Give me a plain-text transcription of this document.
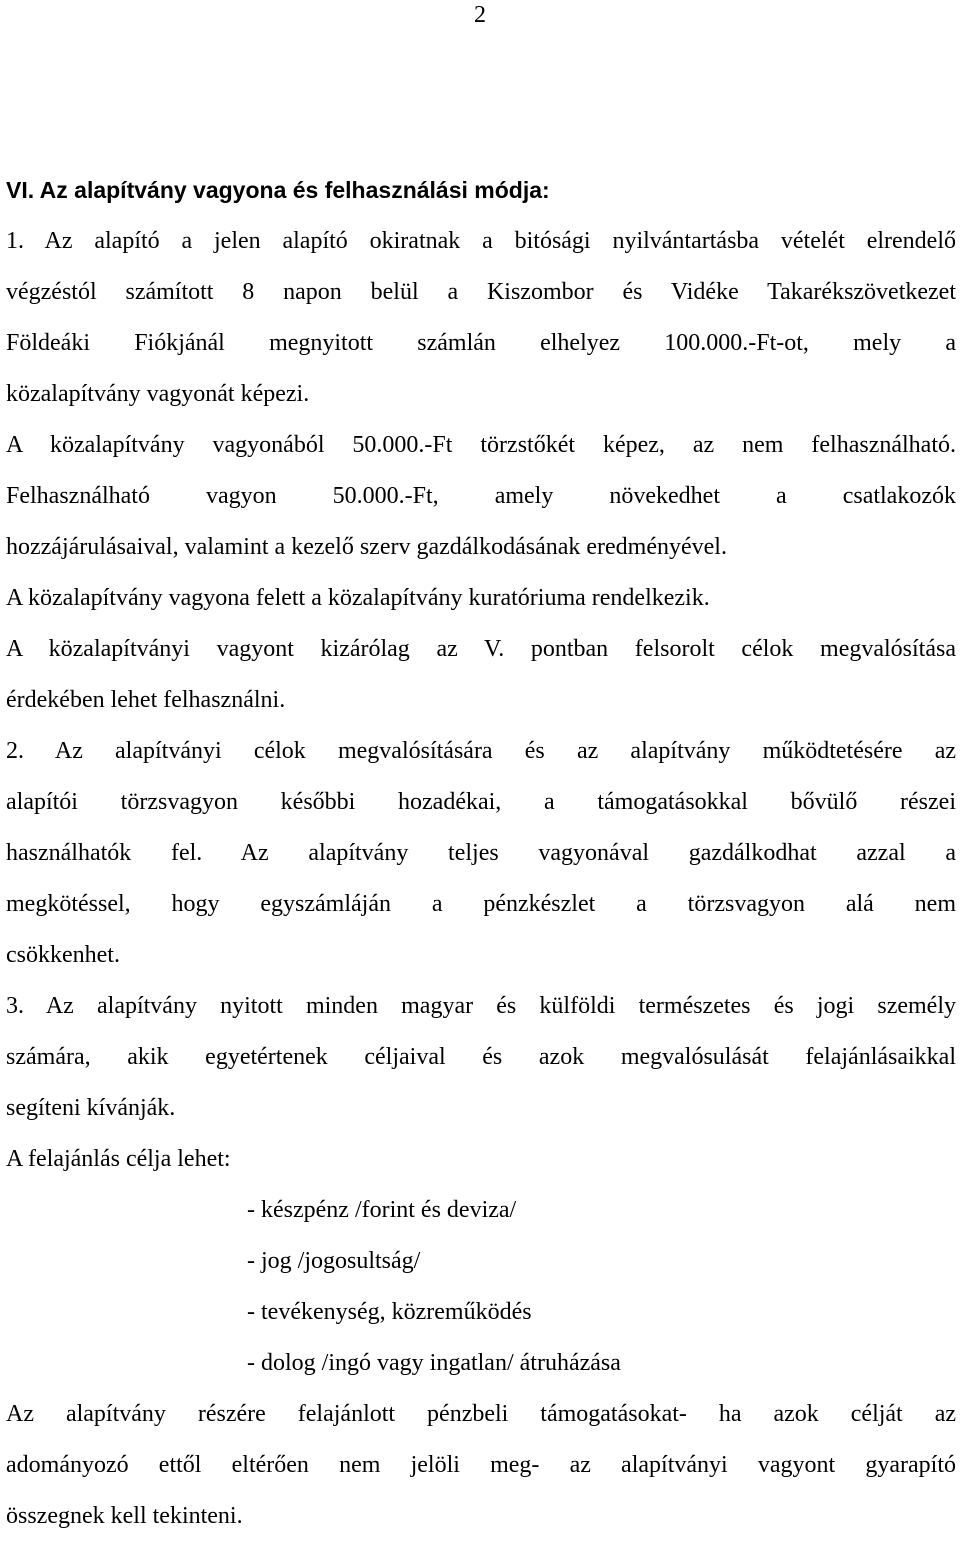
2
VI. Az alapítvány vagyona és felhasználási módja:
1. Az alapító a jelen alapító okiratnak a bitósági nyilvántartásba vételét elrendelő
végzéstól számított 8 napon belül a Kiszombor és Vidéke Takarékszövetkezet
Földeáki Fiókjánál megnyitott számlán elhelyez 100.000.-Ft-ot, mely a
közalapítvány vagyonát képezi.
A közalapítvány vagyonából 50.000.-Ft törzstőkét képez, az nem felhasználható.
Felhasználható vagyon 50.000.-Ft, amely növekedhet a csatlakozók
hozzájárulásaival, valamint a kezelő szerv gazdálkodásának eredményével.
A közalapítvány vagyona felett a közalapítvány kuratóriuma rendelkezik.
A közalapítványi vagyont kizárólag az V. pontban felsorolt célok megvalósítása
érdekében lehet felhasználni.
2. Az alapítványi célok megvalósítására és az alapítvány működtetésére az
alapítói törzsvagyon későbbi hozadékai, a támogatásokkal bővülő részei
használhatók fel. Az alapítvány teljes vagyonával gazdálkodhat azzal a
megkötéssel, hogy egyszámláján a pénzkészlet a törzsvagyon alá nem
csökkenhet.
3. Az alapítvány nyitott minden magyar és külföldi természetes és jogi személy
számára, akik egyetértenek céljaival és azok megvalósulását felajánlásaikkal
segíteni kívánják.
A felajánlás célja lehet:
- készpénz /forint és deviza/
- jog /jogosultság/
- tevékenység, közreműködés
- dolog /ingó vagy ingatlan/ átruházása
Az alapítvány részére felajánlott pénzbeli támogatásokat- ha azok célját az
adományozó ettől eltérően nem jelöli meg- az alapítványi vagyont gyarapító
összegnek kell tekinteni.
